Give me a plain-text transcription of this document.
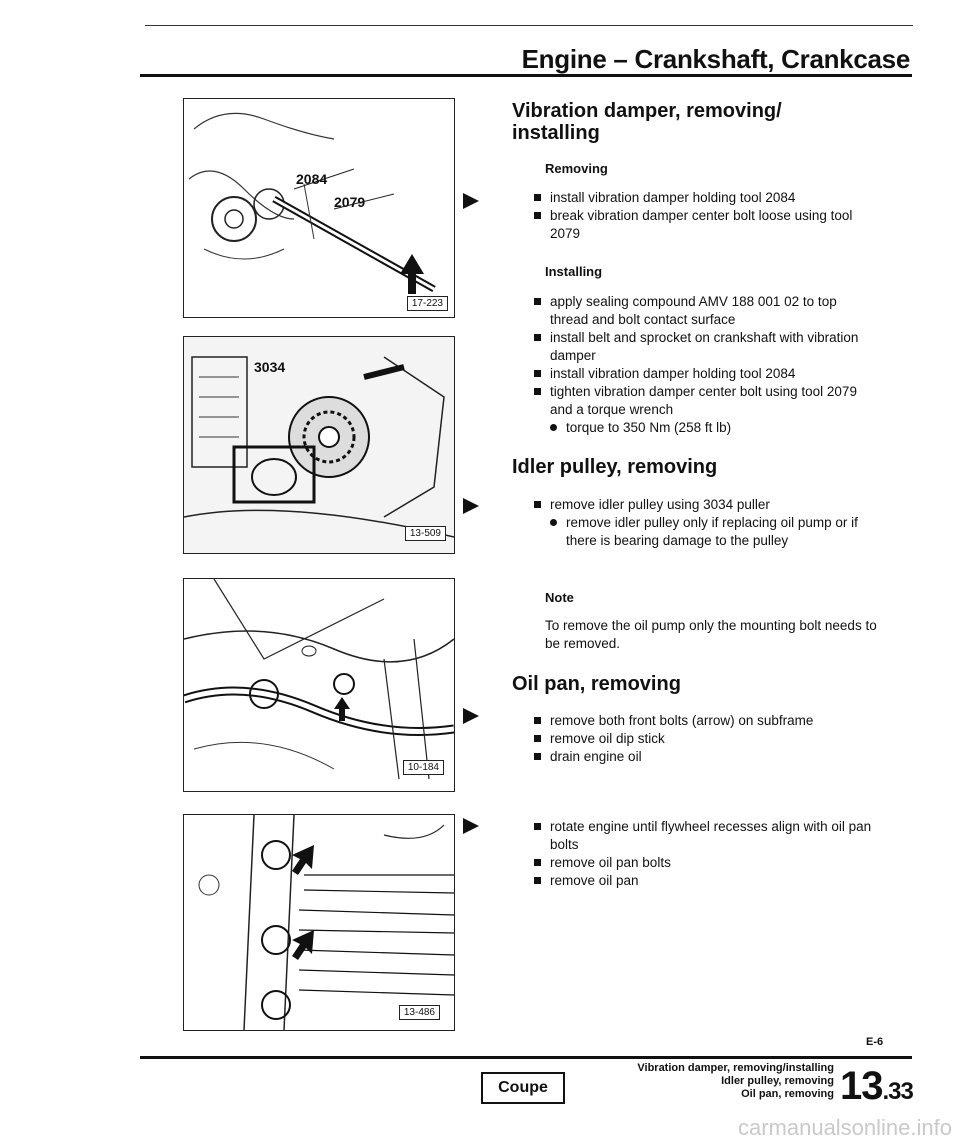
Engine – Crankshaft, Crankcase
2084
2079
17-223
3034
13-509
10-184
13-486
Vibration damper, removing/
installing
Removing
install vibration damper holding tool 2084
break vibration damper center bolt loose using tool 2079
Installing
apply sealing compound AMV 188 001 02 to top thread and bolt contact surface
install belt and sprocket on crankshaft with vibration damper
install vibration damper holding tool 2084
tighten vibration damper center bolt using tool 2079 and a torque wrench
torque to 350 Nm (258 ft lb)
Idler pulley, removing
remove idler pulley using 3034 puller
remove idler pulley only if replacing oil pump or if there is bearing damage to the pulley
Note
To remove the oil pump only the mounting bolt needs to be removed.
Oil pan, removing
remove both front bolts (arrow) on subframe
remove oil dip stick
drain engine oil
rotate engine until flywheel recesses align with oil pan bolts
remove oil pan bolts
remove oil pan
E-6
Coupe
Vibration damper, removing/installing
Idler pulley, removing
Oil pan, removing 13.33
carmanualsonline.info
